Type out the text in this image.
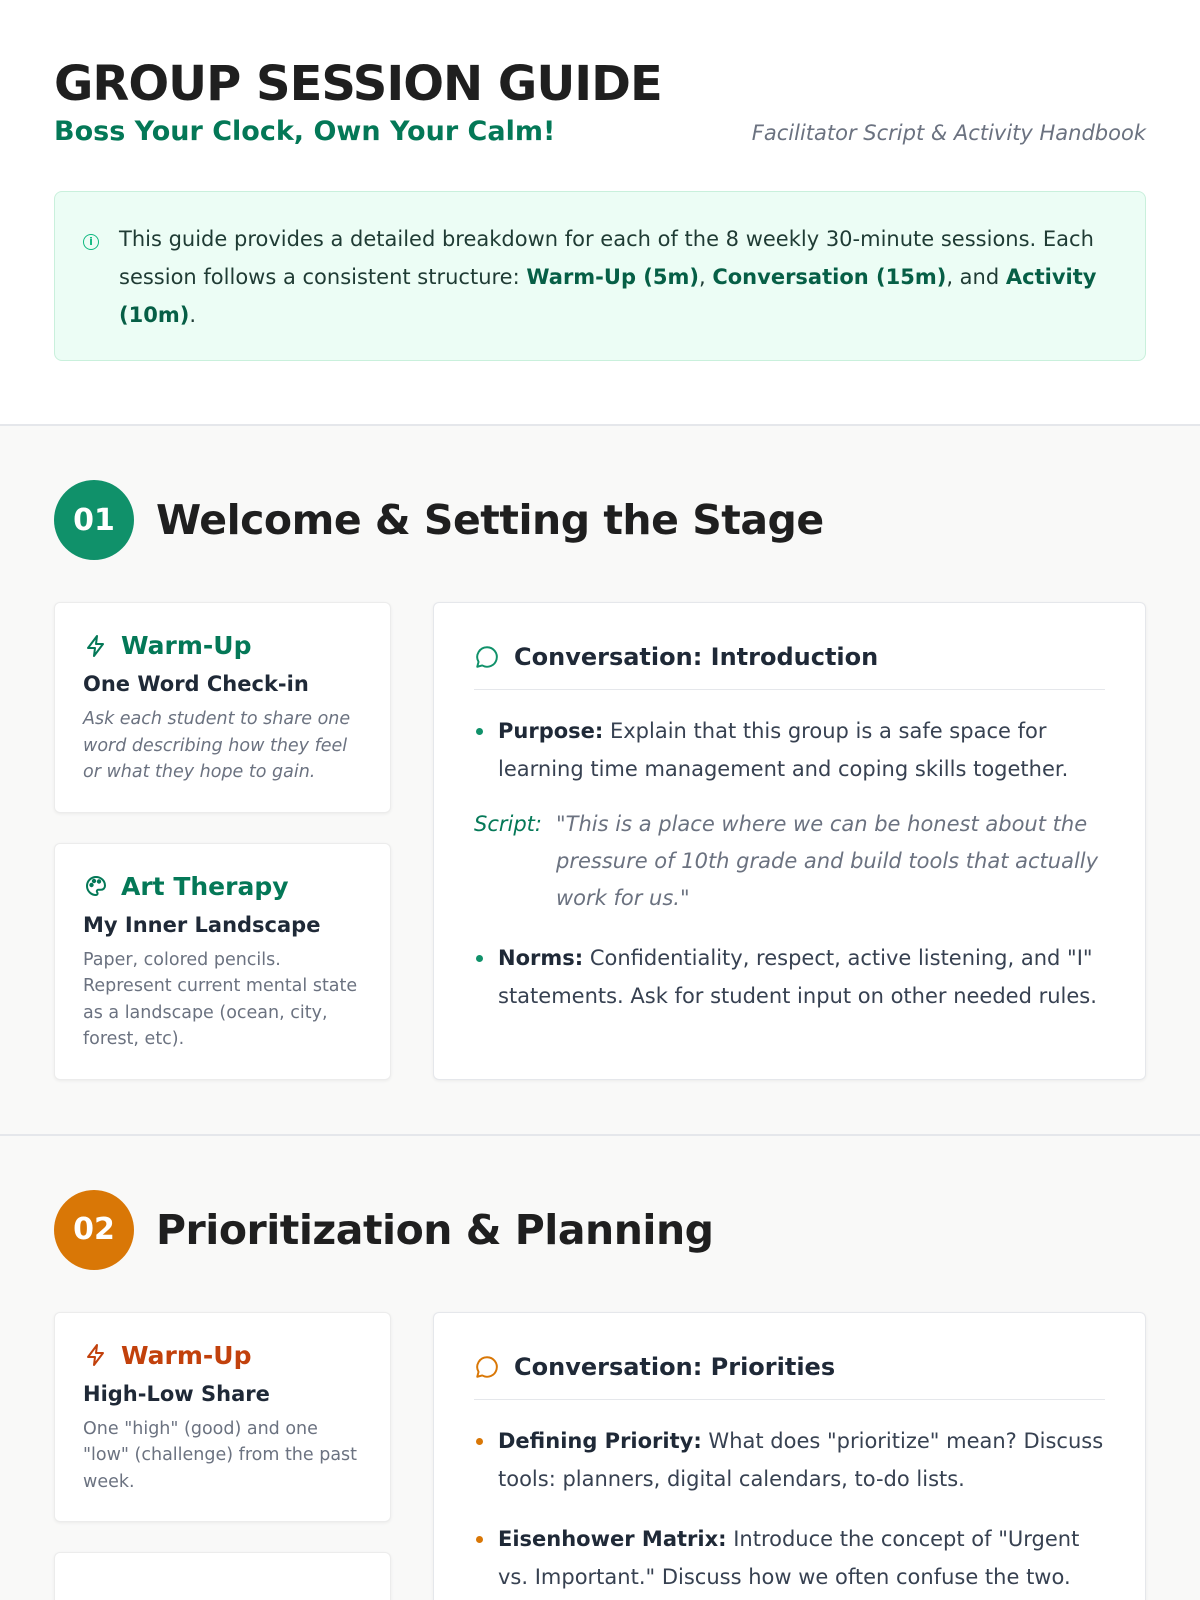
GROUP SESSION GUIDE
Boss Your Clock, Own Your Calm!	Facilitator Script & Activity Handbook
i This guide provides a detailed breakdown for each of the 8 weekly 30-minute sessions. Each session follows a consistent structure: Warm-Up (5m), Conversation (15m), and Activity (10m).
01	Welcome & Setting the Stage
Warm-Up
One Word Check-in
Ask each student to share one word describing how they feel or what they hope to gain.
Art Therapy
My Inner Landscape
Paper, colored pencils. Represent current mental state as a landscape (ocean, city, forest, etc).
Conversation: Introduction
Purpose: Explain that this group is a safe space for learning time management and coping skills together.
Script: "This is a place where we can be honest about the pressure of 10th grade and build tools that actually work for us."
Norms: Confidentiality, respect, active listening, and "I" statements. Ask for student input on other needed rules.
02	Prioritization & Planning
Warm-Up
High-Low Share
One "high" (good) and one "low" (challenge) from the past week.
Conversation: Priorities
Defining Priority: What does "prioritize" mean? Discuss tools: planners, digital calendars, to-do lists.
Eisenhower Matrix: Introduce the concept of "Urgent vs. Important." Discuss how we often confuse the two.
